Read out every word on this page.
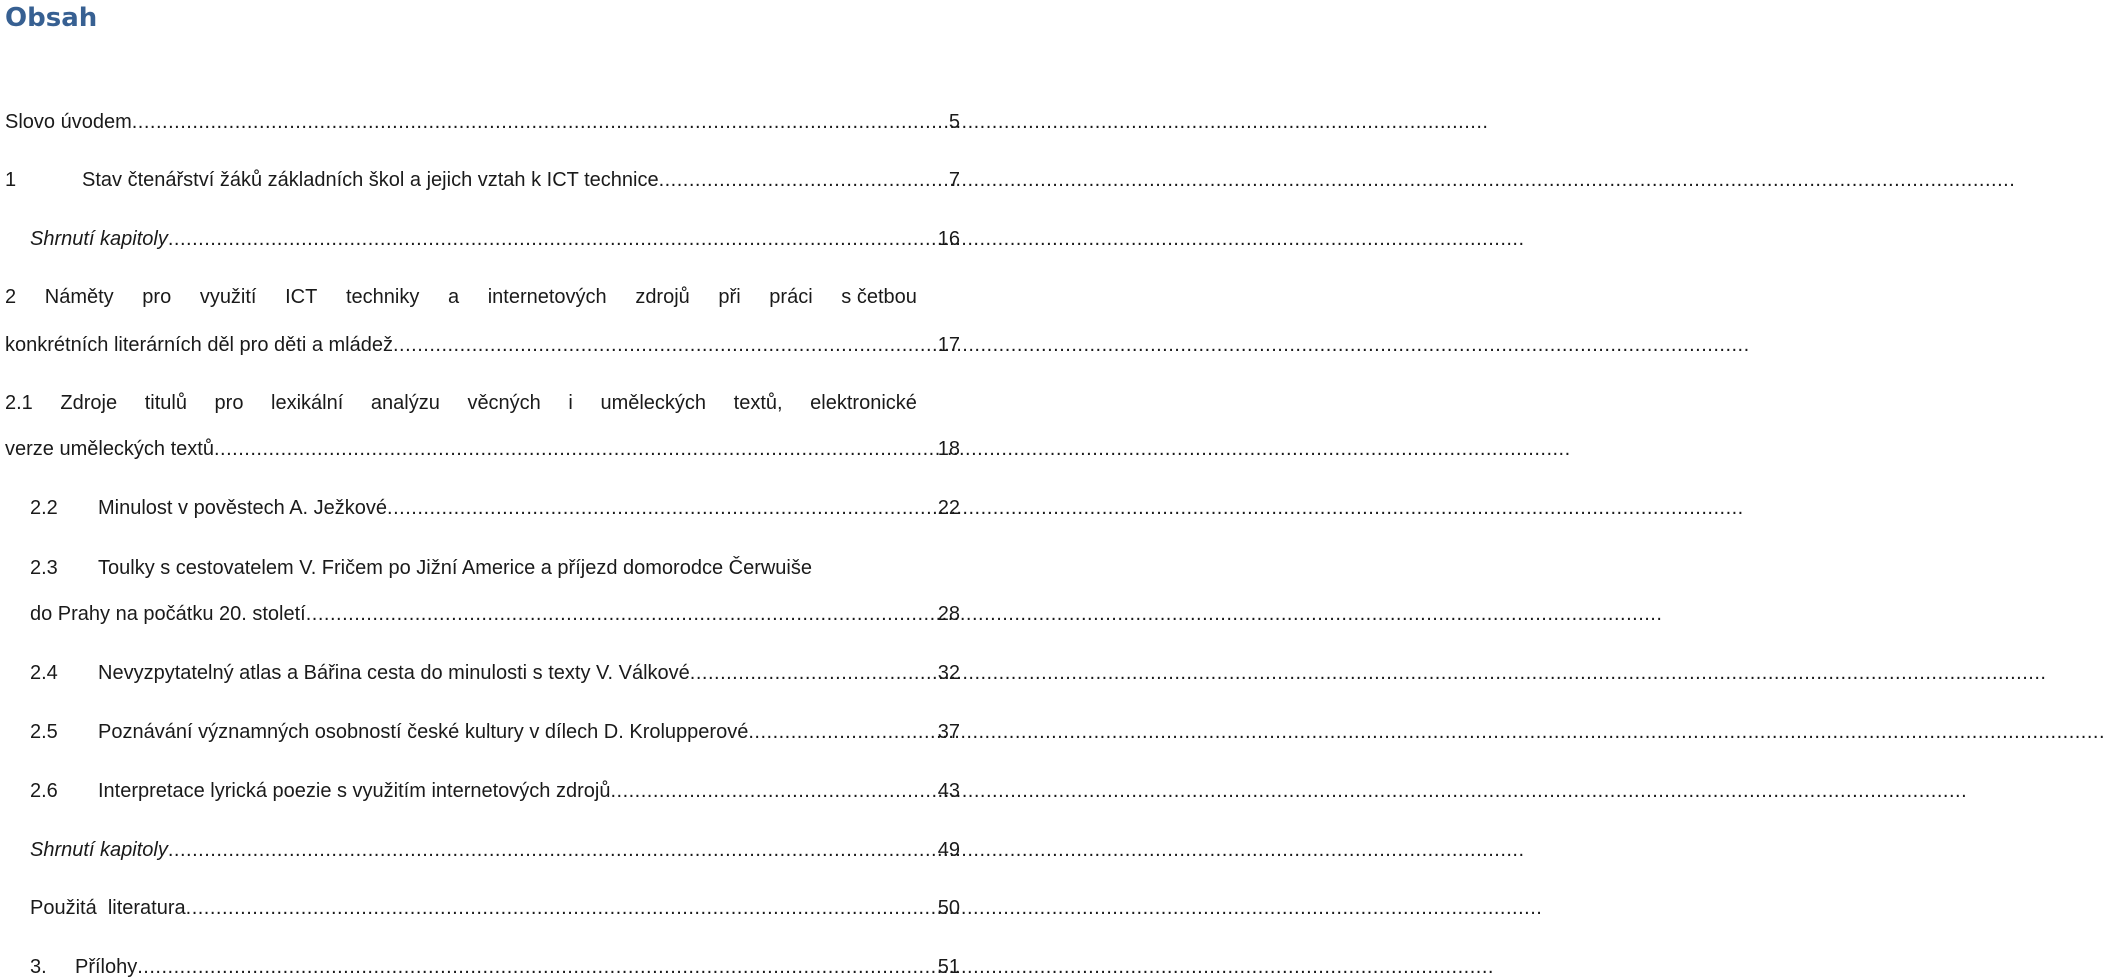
Obsah
Slovo úvodem .....	5
1	Stav čtenářství žáků základních škol a jejich vztah k ICT technice .....	7
Shrnutí kapitoly .....	16
2 Náměty pro využití ICT techniky a internetových zdrojů při práci s četbou
konkrétních literárních děl pro děti a mládež .....	17
2.1 Zdroje titulů pro lexikální analýzu věcných i uměleckých textů, elektronické
verze uměleckých textů .....	18
2.2	Minulost v pověstech A. Ježkové .....	22
2.3	Toulky s cestovatelem V. Fričem po Jižní Americe a příjezd domorodce Čerwuiše
do Prahy na počátku 20. století .....	28
2.4	Nevyzpytatelný atlas a Bářina cesta do minulosti s texty V. Válkové .....	32
2.5	Poznávání významných osobností české kultury v dílech D. Krolupperové .....	37
2.6	Interpretace lyrická poezie s využitím internetových zdrojů .....	43
Shrnutí kapitoly .....	49
Použitá  literatura .....	50
3.	Přílohy .....	51
